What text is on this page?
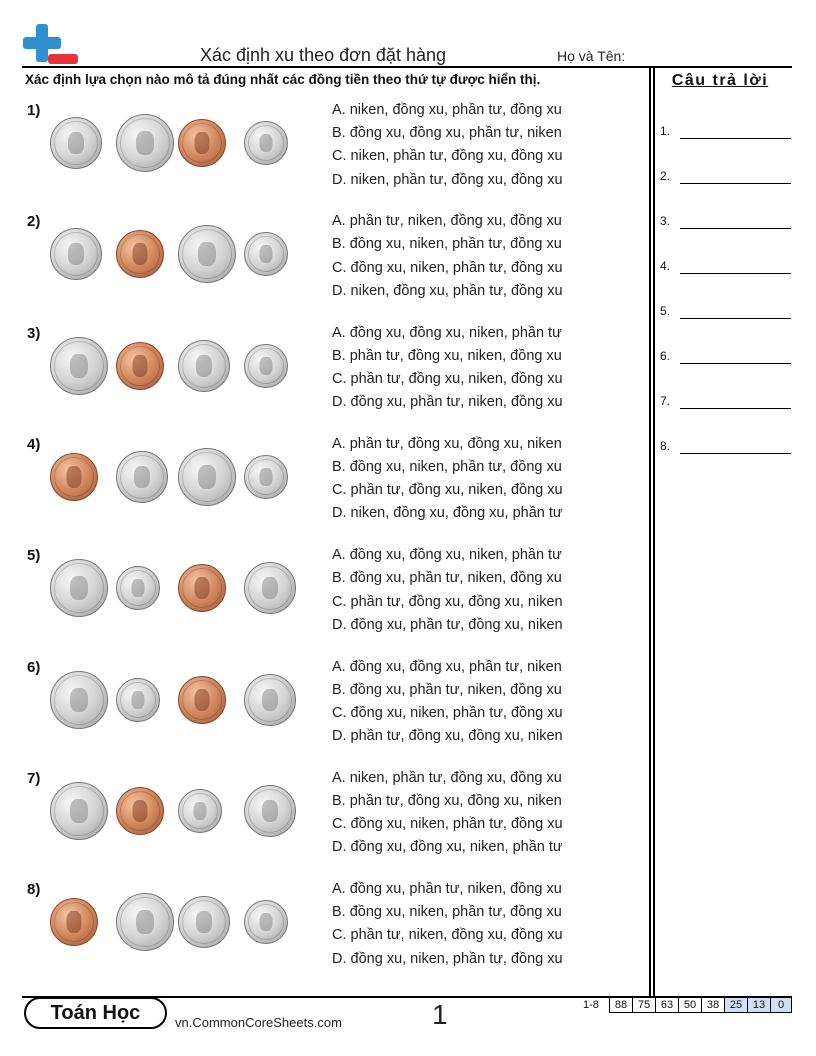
Xác định xu theo đơn đặt hàng	Họ và Tên:
Xác định lựa chọn nào mô tả đúng nhất các đồng tiền theo thứ tự được hiển thị.	Câu trả lời
1.
2.
3.
4.
5.
6.
7.
8.
1)	A. niken, đồng xu, phần tư, đồng xu
B. đồng xu, đồng xu, phần tư, niken
C. niken, phần tư, đồng xu, đồng xu
D. niken, phần tư, đồng xu, đồng xu
2)	A. phần tư, niken, đồng xu, đồng xu
B. đồng xu, niken, phần tư, đồng xu
C. đồng xu, niken, phần tư, đồng xu
D. niken, đồng xu, phần tư, đồng xu
3)	A. đồng xu, đồng xu, niken, phần tư
B. phần tư, đồng xu, niken, đồng xu
C. phần tư, đồng xu, niken, đồng xu
D. đồng xu, phần tư, niken, đồng xu
4)	A. phần tư, đồng xu, đồng xu, niken
B. đồng xu, niken, phần tư, đồng xu
C. phần tư, đồng xu, niken, đồng xu
D. niken, đồng xu, đồng xu, phần tư
5)	A. đồng xu, đồng xu, niken, phần tư
B. đồng xu, phần tư, niken, đồng xu
C. phần tư, đồng xu, đồng xu, niken
D. đồng xu, phần tư, đồng xu, niken
6)	A. đồng xu, đồng xu, phần tư, niken
B. đồng xu, phần tư, niken, đồng xu
C. đồng xu, niken, phần tư, đồng xu
D. phần tư, đồng xu, đồng xu, niken
7)	A. niken, phần tư, đồng xu, đồng xu
B. phần tư, đồng xu, đồng xu, niken
C. đồng xu, niken, phần tư, đồng xu
D. đồng xu, đồng xu, niken, phần tư
8)	A. đồng xu, phần tư, niken, đồng xu
B. đồng xu, niken, phần tư, đồng xu
C. phần tư, niken, đồng xu, đồng xu
D. đồng xu, niken, phần tư, đồng xu
Toán Học	vn.CommonCoreSheets.com	1	1-8	88 75 63 50 38 25 13	0
